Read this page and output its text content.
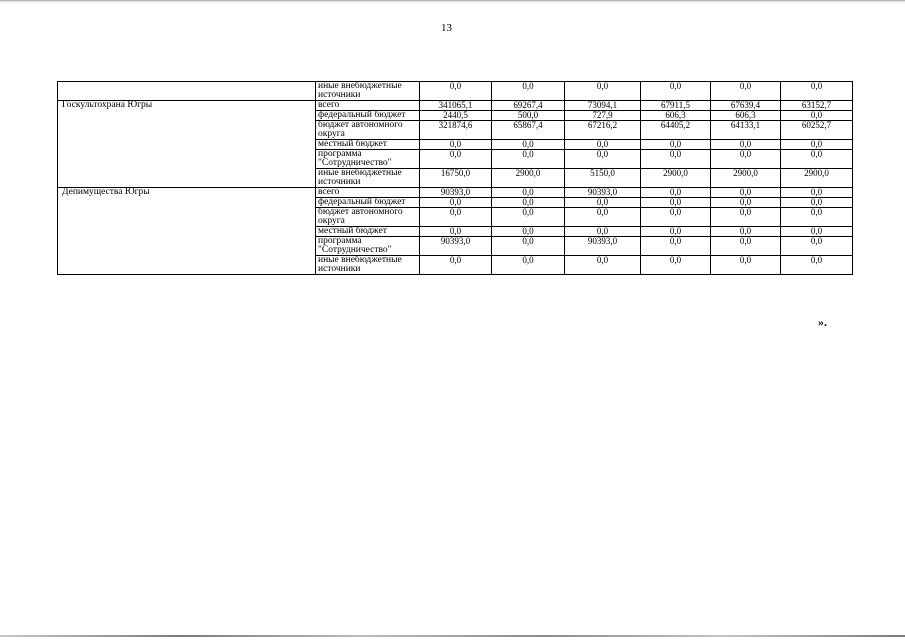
13
	иные внебюджетные источники	0,0	0,0	0,0	0,0	0,0	0,0
Госкультохрана Югры	всего	341065,1	69267,4	73094,1	67911,5	67639,4	63152,7
	федеральный бюджет	2440,5	500,0	727,9	606,3	606,3	0,0
	бюджет автономного округа	321874,6	65867,4	67216,2	64405,2	64133,1	60252,7
	местный бюджет	0,0	0,0	0,0	0,0	0,0	0,0
	программа "Сотрудничество"	0,0	0,0	0,0	0,0	0,0	0,0
	иные внебюджетные источники	16750,0	2900,0	5150,0	2900,0	2900,0	2900,0
Депимущества Югры	всего	90393,0	0,0	90393,0	0,0	0,0	0,0
	федеральный бюджет	0,0	0,0	0,0	0,0	0,0	0,0
	бюджет автономного округа	0,0	0,0	0,0	0,0	0,0	0,0
	местный бюджет	0,0	0,0	0,0	0,0	0,0	0,0
	программа "Сотрудничество"	90393,0	0,0	90393,0	0,0	0,0	0,0
	иные внебюджетные источники	0,0	0,0	0,0	0,0	0,0	0,0
».
